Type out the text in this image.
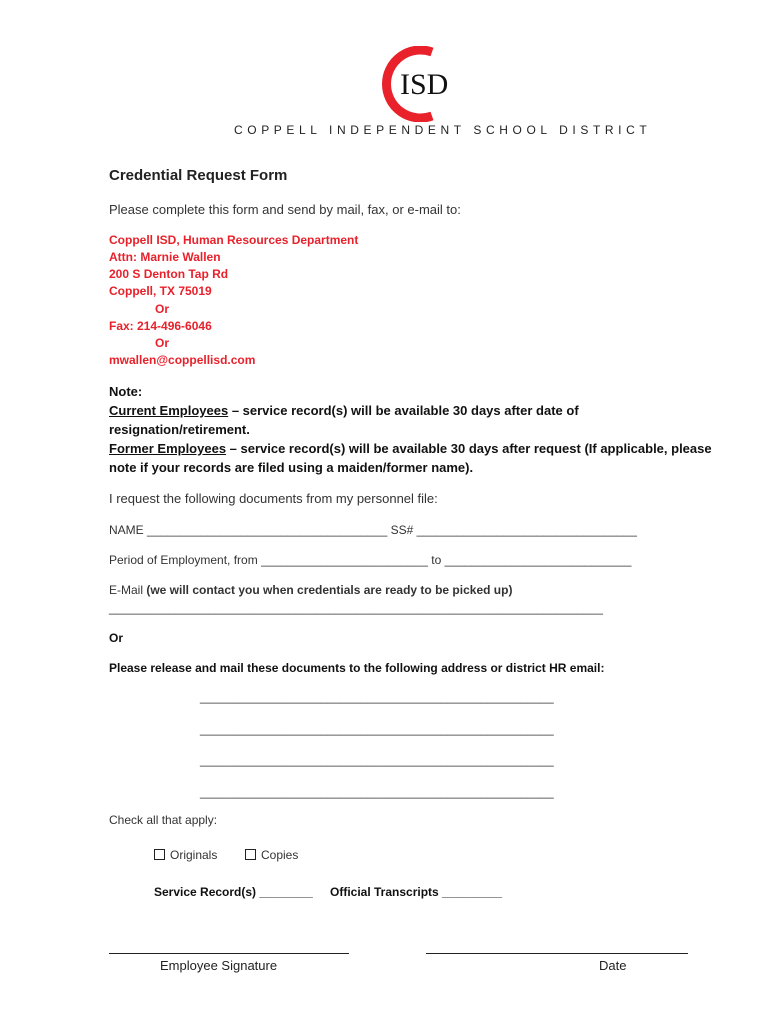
ISD
COPPELL INDEPENDENT SCHOOL DISTRICT
Credential Request Form
Please complete this form and send by mail, fax, or e-mail to:
Coppell ISD, Human Resources Department
Attn: Marnie Wallen
200 S Denton Tap Rd
Coppell, TX 75019
Or
Fax: 214-496-6046
Or
mwallen@coppellisd.com
Note:
Current Employees – service record(s) will be available 30 days after date of
resignation/retirement.
Former Employees – service record(s) will be available 30 days after request (If applicable, please
note if your records are filed using a maiden/former name).
I request the following documents from my personnel file:
NAME ____________________________________ SS# _________________________________
Period of Employment, from _________________________ to ____________________________
E-Mail (we will contact you when credentials are ready to be picked up)
__________________________________________________________________________
Or
Please release and mail these documents to the following address or district HR email:
_____________________________________________________
_____________________________________________________
_____________________________________________________
_____________________________________________________
Check all that apply:
Originals	Copies
Service Record(s) ________ Official Transcripts _________
Employee Signature	Date
